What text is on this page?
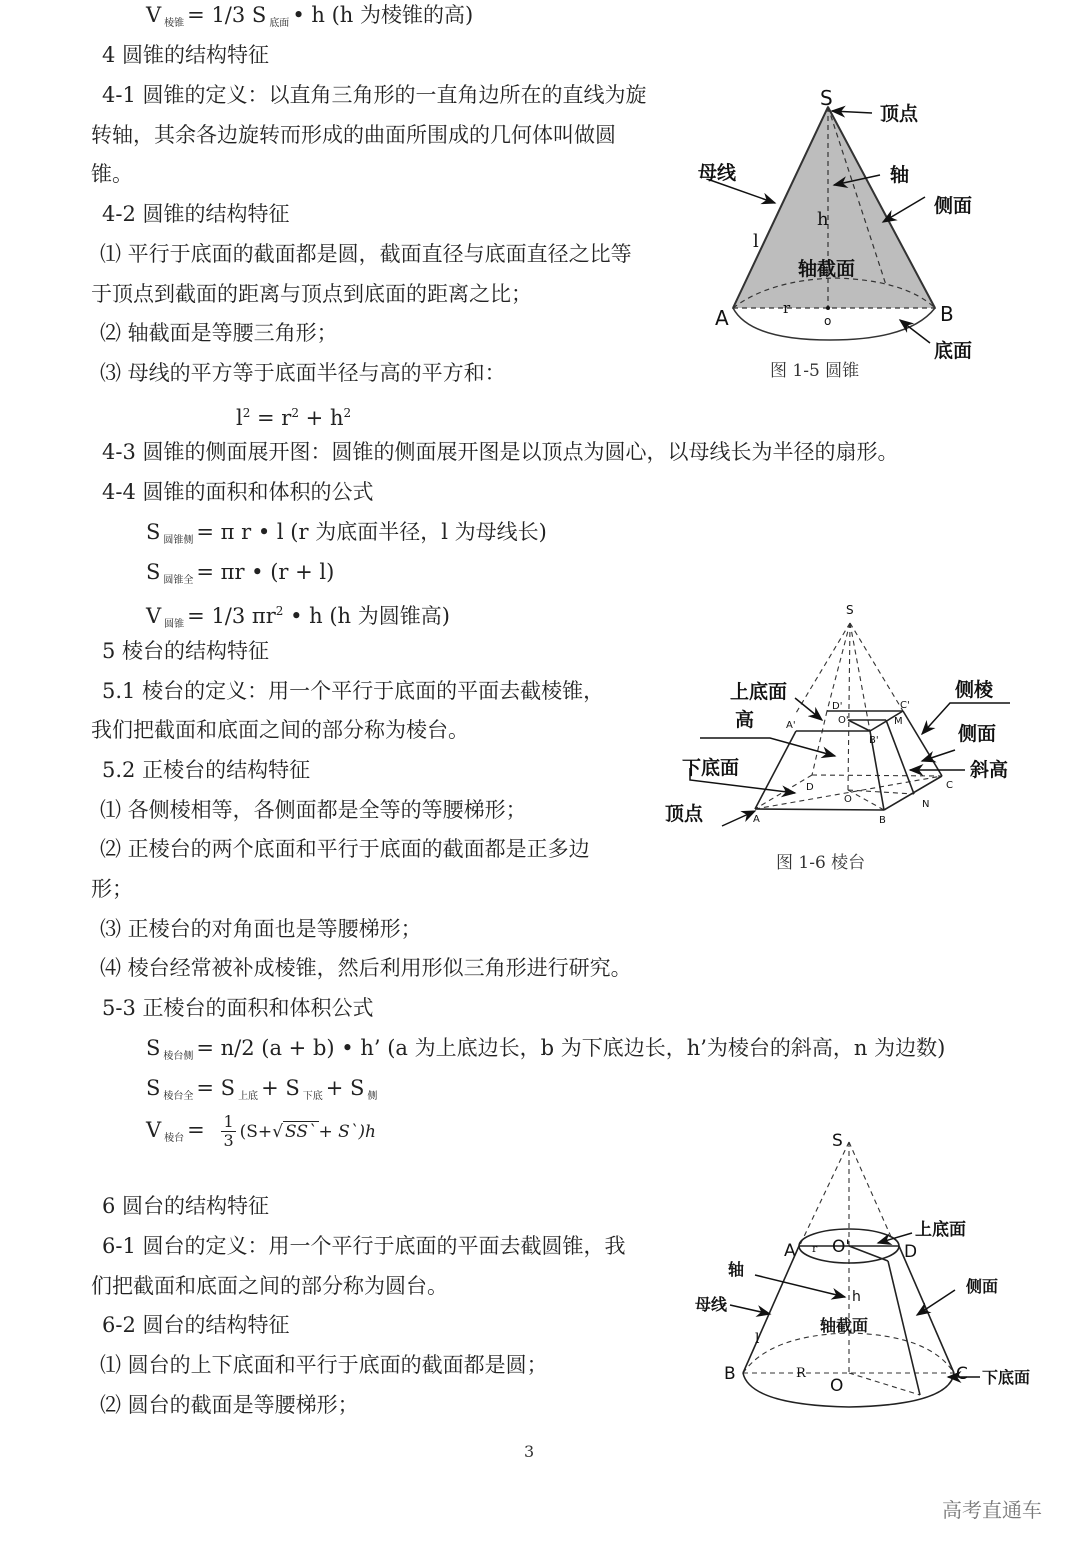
V $_{棱锥}$ = 1/3 S $_{底面}$ • h (h 为棱锥的高)
4 圆锥的结构特征
4-1 圆锥的定义：以直角三角形的一直角边所在的直线为旋
转轴，其余各边旋转而形成的曲面所围成的几何体叫做圆
锥。
4-2 圆锥的结构特征
⑴ 平行于底面的截面都是圆，截面直径与底面直径之比等
于顶点到截面的距离与顶点到底面的距离之比；
⑵ 轴截面是等腰三角形；
⑶ 母线的平方等于底面半径与高的平方和：
$l^2 = r^2 + h^2$
4-3 圆锥的侧面展开图：圆锥的侧面展开图是以顶点为圆心，以母线长为半径的扇形。
4-4 圆锥的面积和体积的公式
S $_{圆锥侧}$ = π r • l (r 为底面半径，l 为母线长)
S $_{圆锥全}$ = πr • (r + l)
V $_{圆锥}$ = 1/3 $\pi r^2$ • h (h 为圆锥高)
5 棱台的结构特征
5.1 棱台的定义：用一个平行于底面的平面去截棱锥，
我们把截面和底面之间的部分称为棱台。
5.2 正棱台的结构特征
⑴ 各侧棱相等，各侧面都是全等的等腰梯形；
⑵ 正棱台的两个底面和平行于底面的截面都是正多边
形；
⑶ 正棱台的对角面也是等腰梯形；
⑷ 棱台经常被补成棱锥，然后利用形似三角形进行研究。
5-3 正棱台的面积和体积公式
S $_{棱台侧}$ = n/2 (a + b) • h’ (a 为上底边长，b 为下底边长，h’为棱台的斜高，n 为边数)
S $_{棱台全}$ = S $_{上底}$ + S $_{下底}$ + S $_侧$
V $_{棱台} = \frac{1}{3} (S+√$ SS` + S`)h
6 圆台的结构特征
6-1 圆台的定义：用一个平行于底面的平面去截圆锥，我
们把截面和底面之间的部分称为圆台。
6-2 圆台的结构特征
⑴ 圆台的上下底面和平行于底面的截面都是圆；
⑵ 圆台的截面是等腰梯形；
S
顶点
母线	轴
侧面
h
l
轴截面
r
A	B
o
底面
图 1-5 圆锥
S
上底面
高
下底面
顶点
侧棱
侧面
斜高
D'	C'
O'	M
A'
B'
D
O
C
N
A	B
图 1-6 棱台
S
上底面
A r O'	D
轴
h
侧面
母线
l
轴截面
B	R
O
C 下底面
3
高考直通车
